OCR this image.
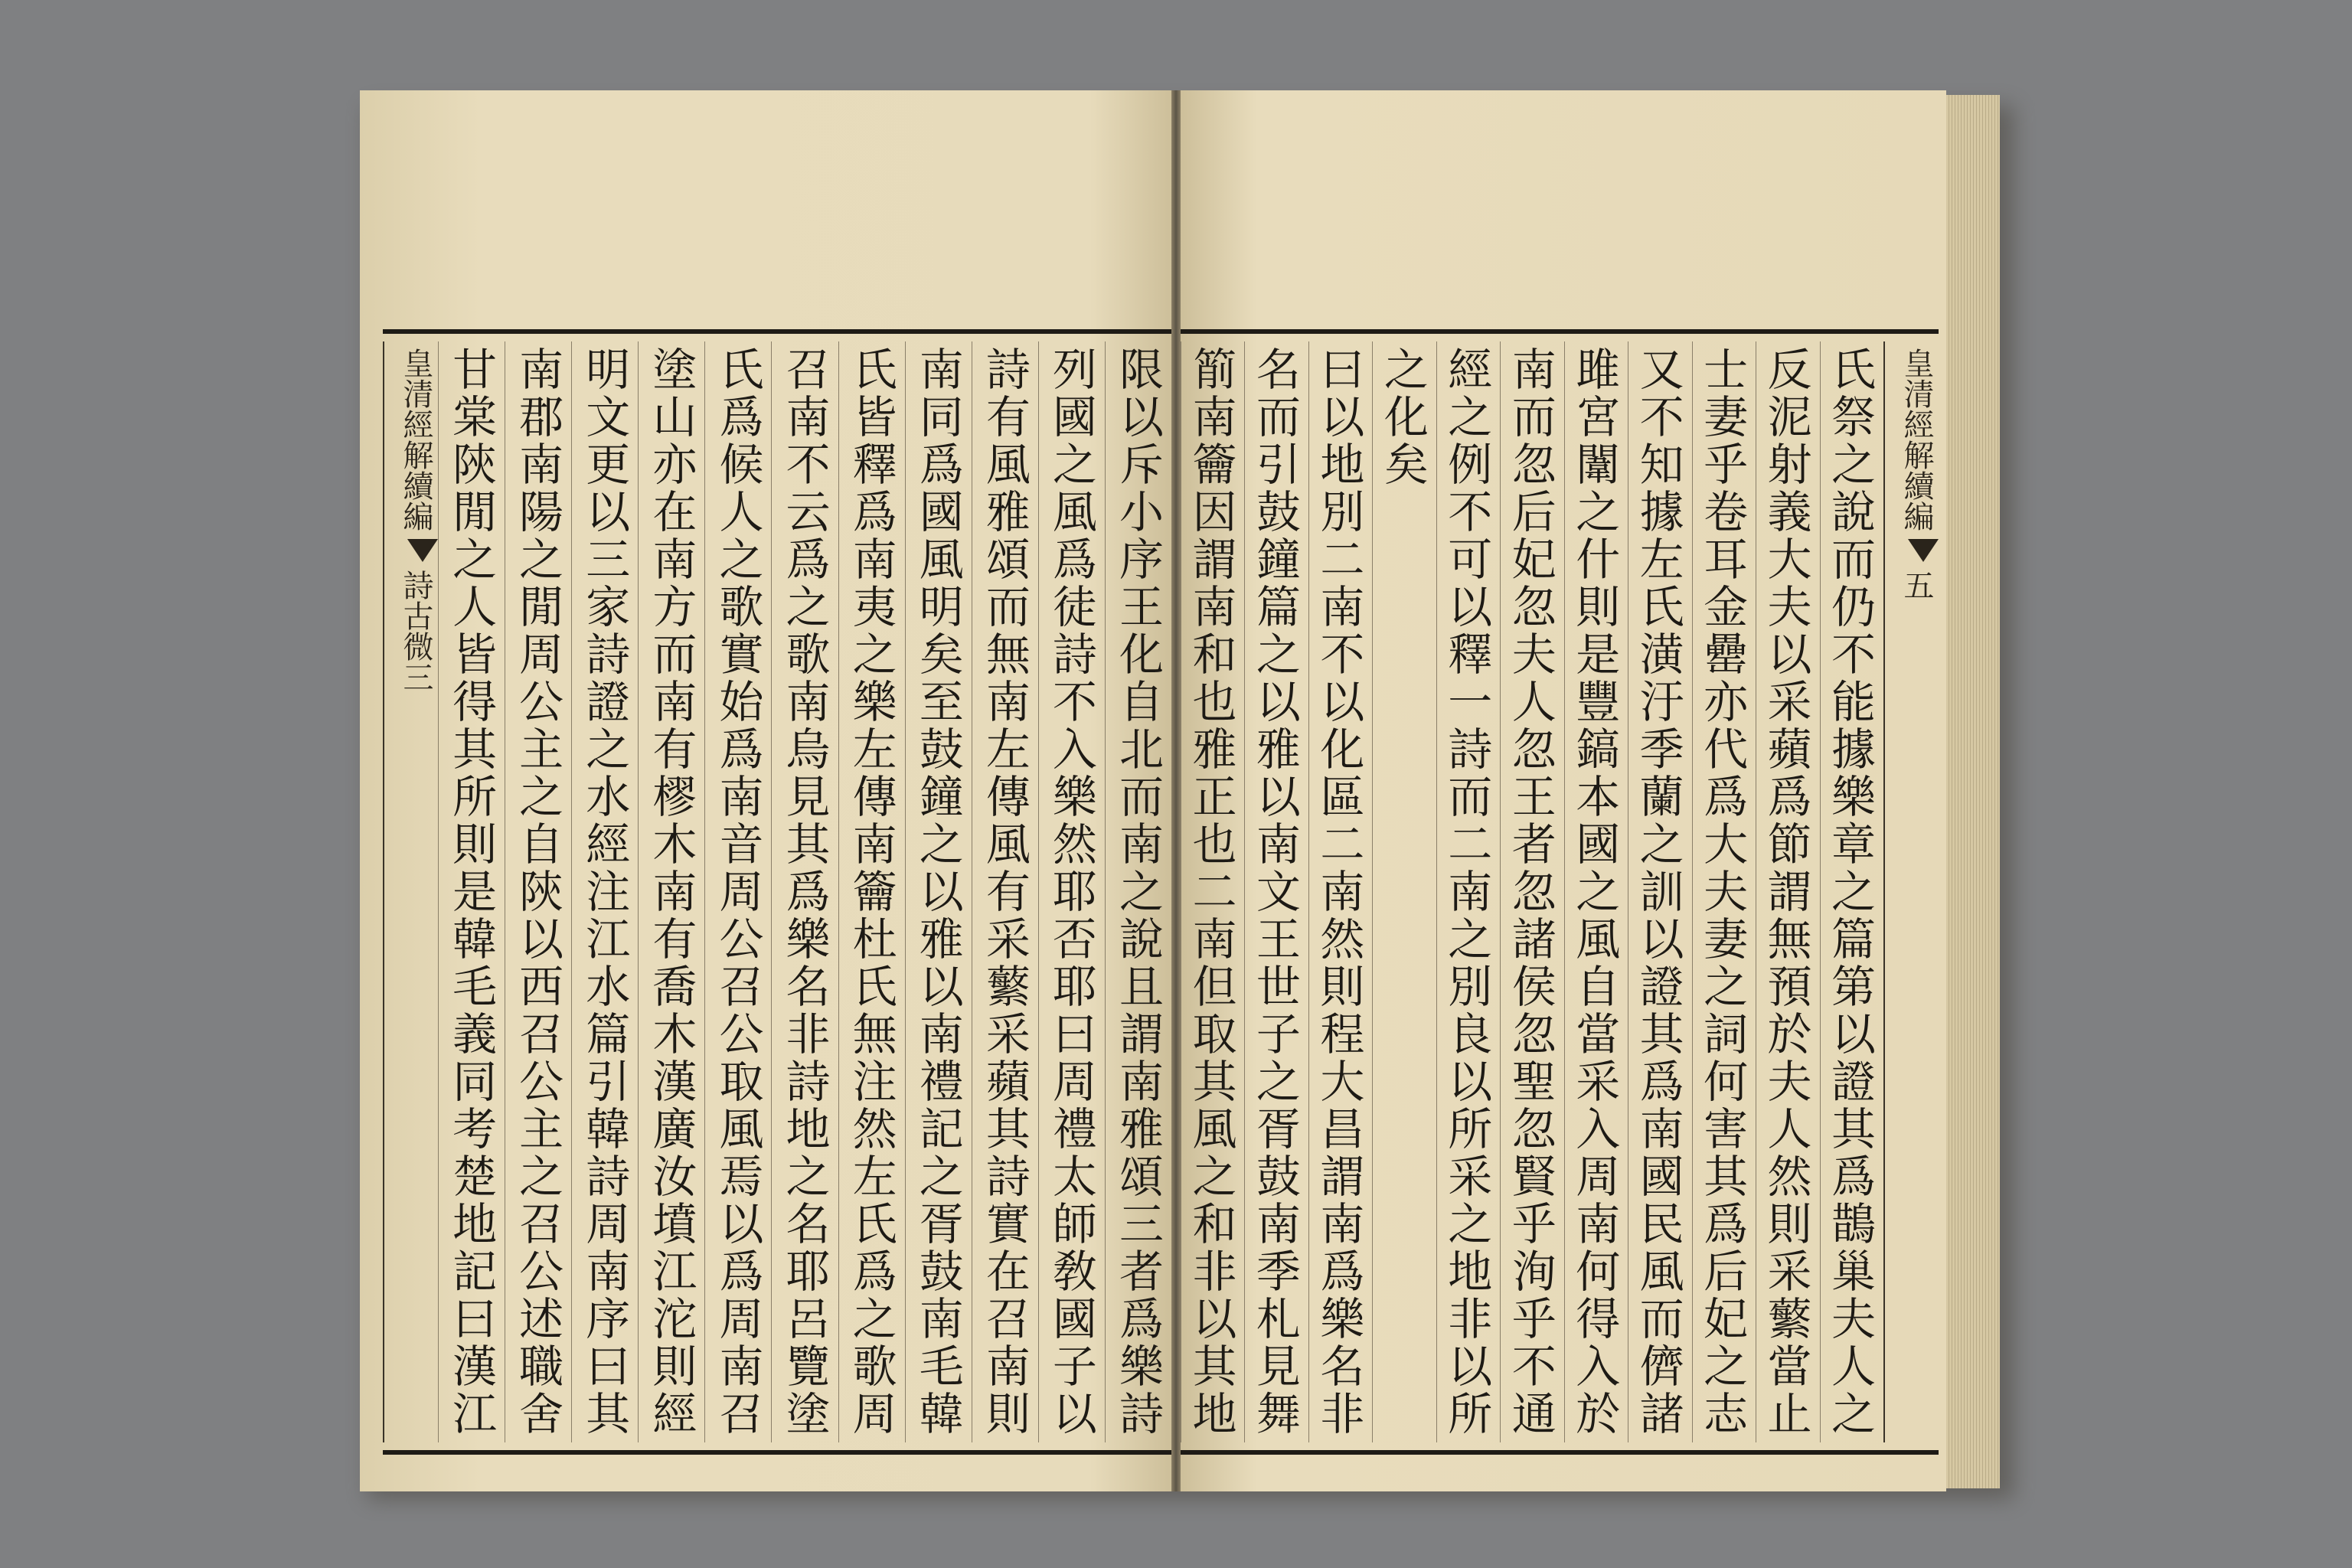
限以斥小序王化自北而南之說且謂南雅頌三者爲樂詩
列國之風爲徒詩不入樂然耶否耶曰周禮太師敎國子以
詩有風雅頌而無南左傳風有采蘩采蘋其詩實在召南則
南同爲國風明矣至鼓鐘之以雅以南禮記之胥鼓南毛韓
氏皆釋爲南夷之樂左傳南籥杜氏無注然左氏爲之歌周
召南不云爲之歌南烏見其爲樂名非詩地之名耶呂覽塗
氏爲候人之歌實始爲南音周公召公取風焉以爲周南召
塗山亦在南方而南有樛木南有喬木漢廣汝墳江沱則經
明文更以三家詩證之水經注江水篇引韓詩周南序曰其
南郡南陽之閒周公主之自陝以西召公主之召公述職舍
甘棠陝閒之人皆得其所則是韓毛義同考楚地記曰漢江
皇清經解續編
詩古微三
皇清經解續編
五
氏祭之說而仍不能據樂章之篇第以證其爲鵲巢夫人之
反泥射義大夫以采蘋爲節謂無預於夫人然則采蘩當止
士妻乎卷耳金罍亦代爲大夫妻之詞何害其爲后妃之志
又不知據左氏潢汙季蘭之訓以證其爲南國民風而儕諸
雎宮闈之什則是豐鎬本國之風自當采入周南何得入於
南而忽后妃忽夫人忽王者忽諸侯忽聖忽賢乎洵乎不通
經之例不可以釋一詩而二南之別良以所采之地非以所
之化矣
曰以地別二南不以化區二南然則程大昌謂南爲樂名非
名而引鼓鐘篇之以雅以南文王世子之胥鼓南季札見舞
箾南籥因謂南和也雅正也二南但取其風之和非以其地
